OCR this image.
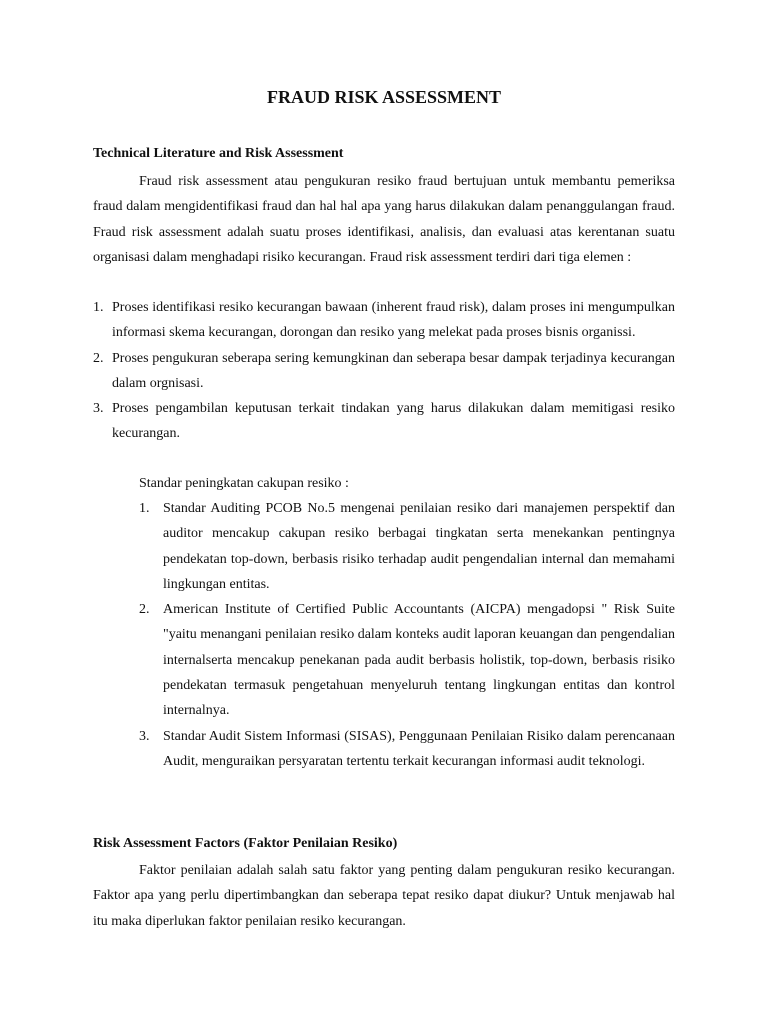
FRAUD RISK ASSESSMENT
Technical Literature and Risk Assessment
Fraud risk assessment atau pengukuran resiko fraud bertujuan untuk membantu pemeriksa fraud dalam mengidentifikasi fraud dan hal hal apa yang harus dilakukan dalam penanggulangan fraud. Fraud risk assessment adalah suatu proses identifikasi, analisis, dan evaluasi atas kerentanan suatu organisasi dalam menghadapi risiko kecurangan. Fraud risk assessment terdiri dari tiga elemen :
1. Proses identifikasi resiko kecurangan bawaan (inherent fraud risk), dalam proses ini mengumpulkan informasi skema kecurangan, dorongan dan resiko yang melekat pada proses bisnis organissi.
2. Proses pengukuran seberapa sering kemungkinan dan seberapa besar dampak terjadinya kecurangan dalam orgnisasi.
3. Proses pengambilan keputusan terkait tindakan yang harus dilakukan dalam memitigasi resiko kecurangan.
Standar peningkatan cakupan resiko :
1. Standar Auditing PCOB No.5 mengenai penilaian resiko dari manajemen perspektif dan auditor mencakup cakupan resiko berbagai tingkatan serta menekankan pentingnya pendekatan top-down, berbasis risiko terhadap audit pengendalian internal dan memahami lingkungan entitas.
2. American Institute of Certified Public Accountants (AICPA) mengadopsi " Risk Suite "yaitu menangani penilaian resiko dalam konteks audit laporan keuangan dan pengendalian internalserta mencakup penekanan pada audit berbasis holistik, top-down, berbasis risiko pendekatan termasuk pengetahuan menyeluruh tentang lingkungan entitas dan kontrol internalnya.
3. Standar Audit Sistem Informasi (SISAS), Penggunaan Penilaian Risiko dalam perencanaan Audit, menguraikan persyaratan tertentu terkait kecurangan informasi audit teknologi.
Risk Assessment Factors (Faktor Penilaian Resiko)
Faktor penilaian adalah salah satu faktor yang penting dalam pengukuran resiko kecurangan. Faktor apa yang perlu dipertimbangkan dan seberapa tepat resiko dapat diukur? Untuk menjawab hal itu maka diperlukan faktor penilaian resiko kecurangan.
